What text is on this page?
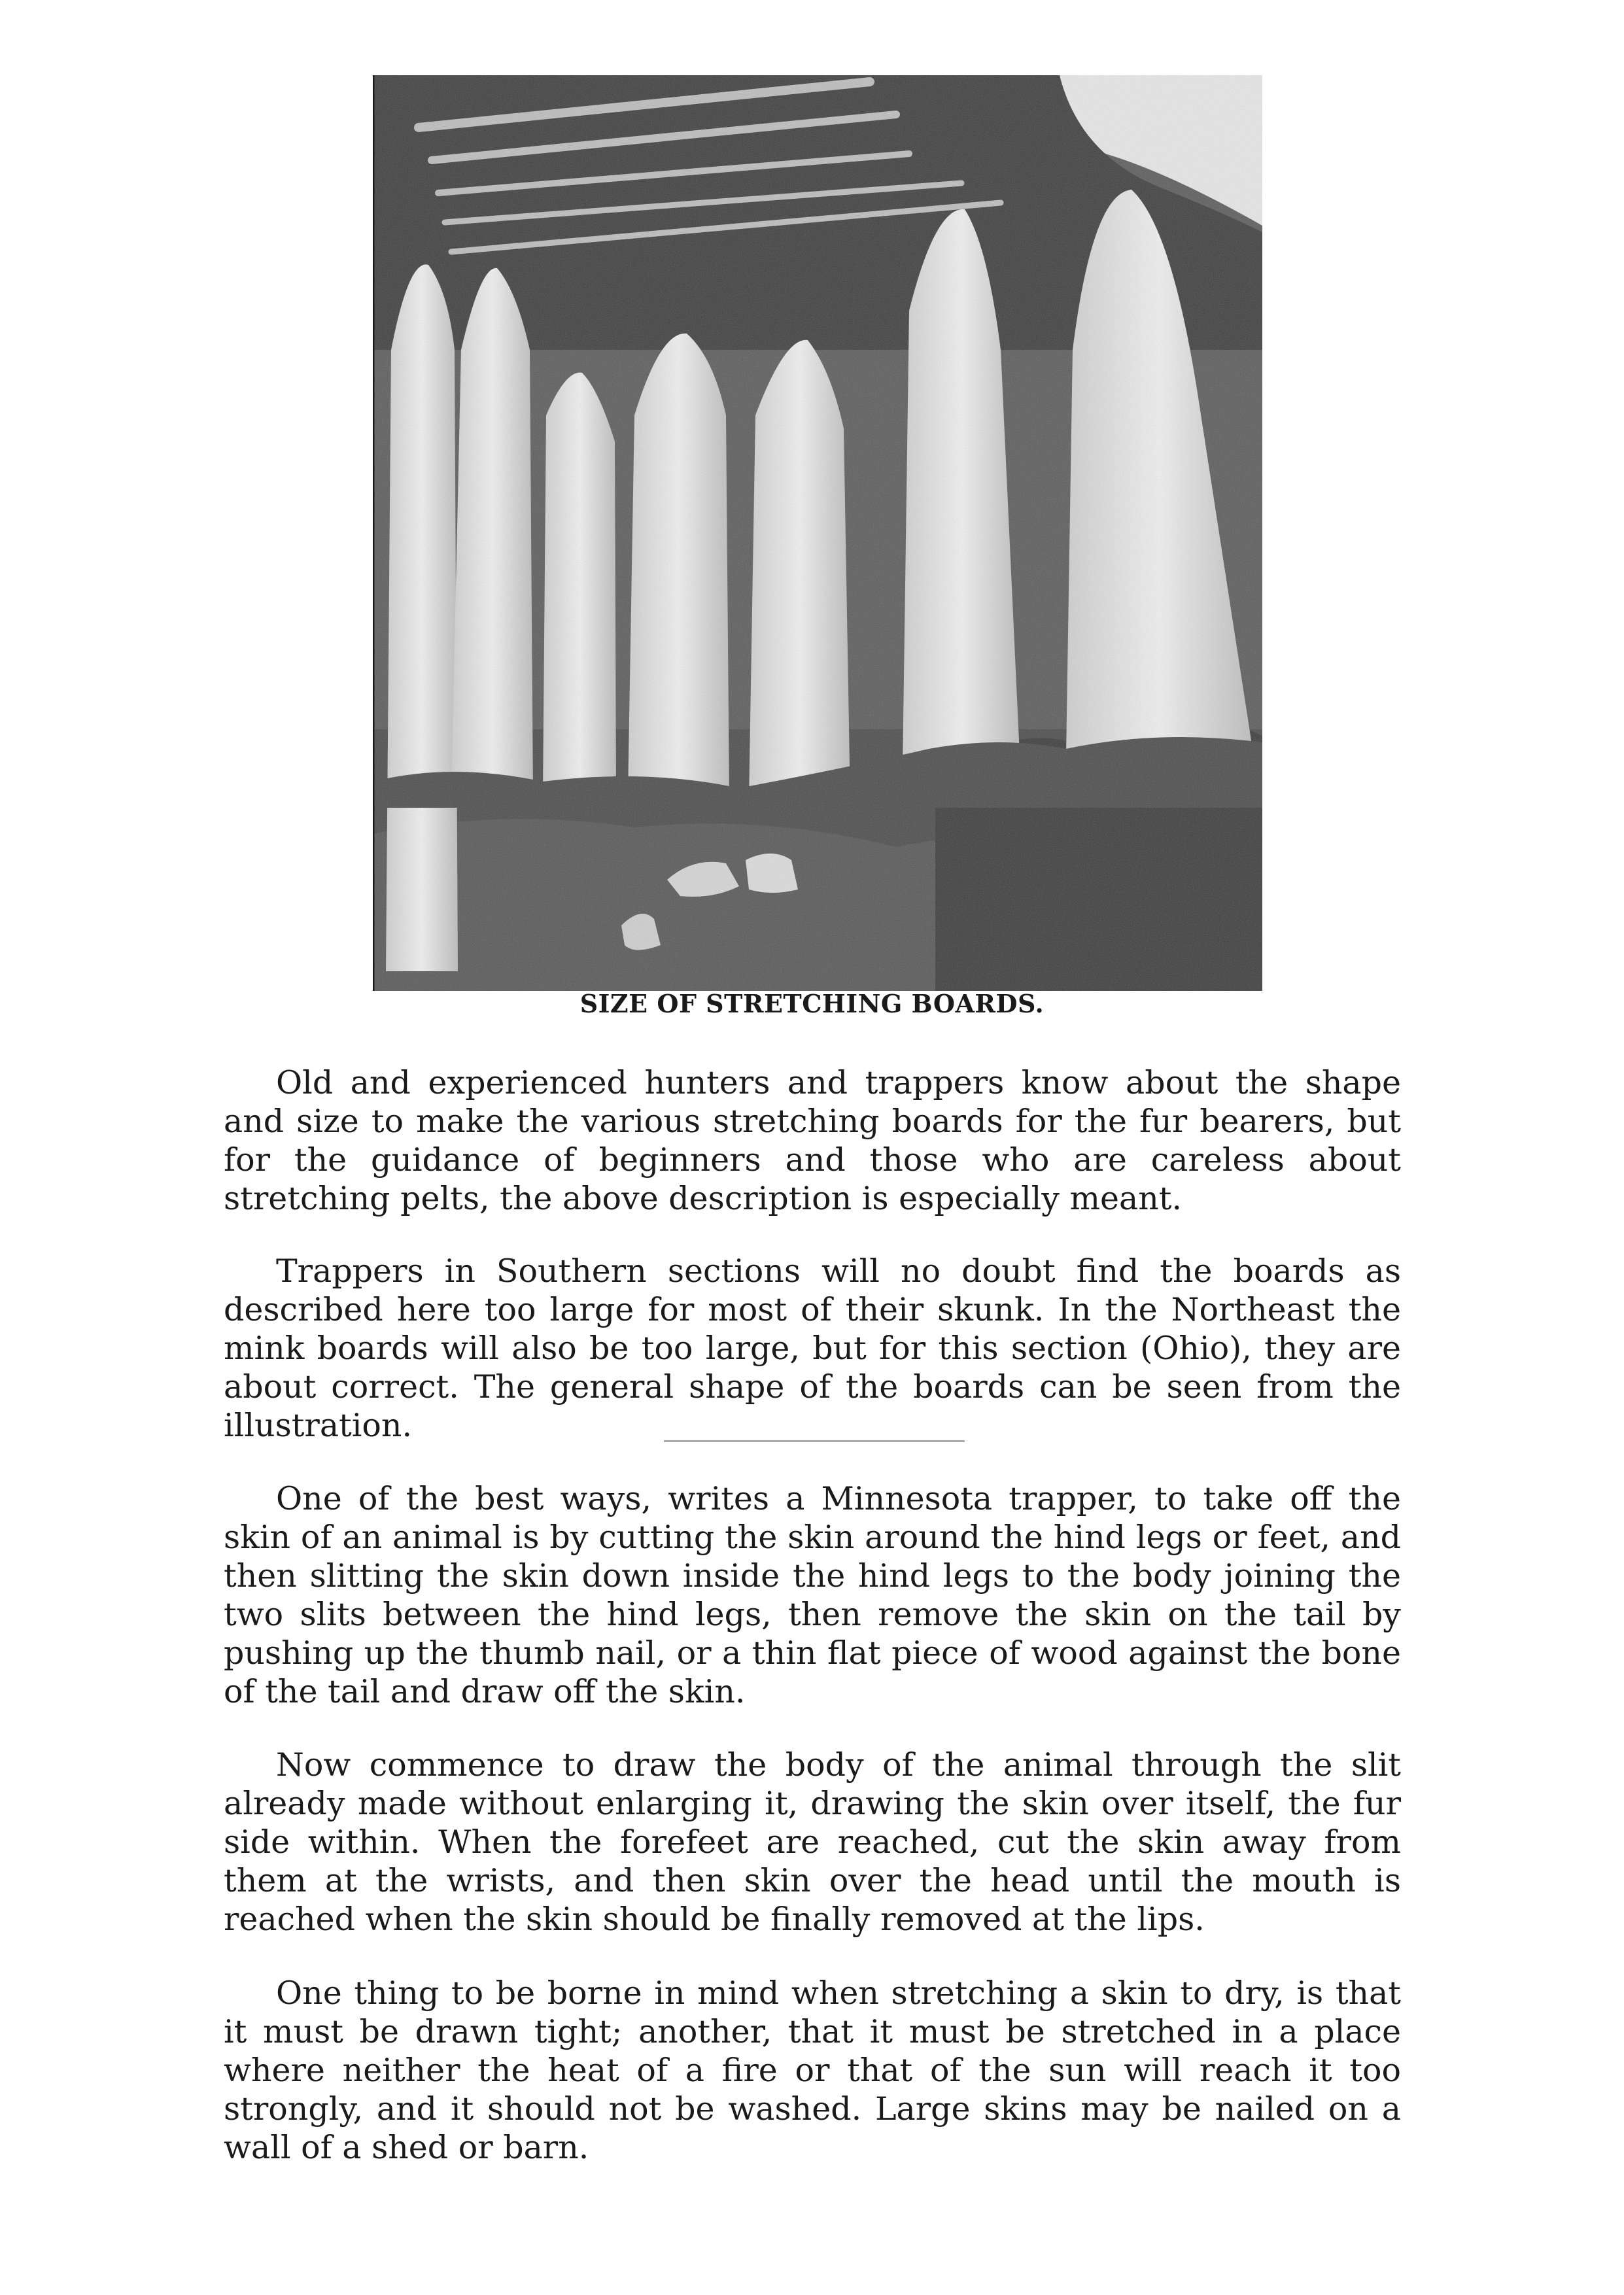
SIZE OF STRETCHING BOARDS.

Old and experienced hunters and trappers know about the shape and size to make the various stretching boards for the fur bearers, but for the guidance of beginners and those who are careless about stretching pelts, the above description is especially meant.

Trappers in Southern sections will no doubt find the boards as described here too large for most of their skunk. In the Northeast the mink boards will also be too large, but for this section (Ohio), they are about correct. The general shape of the boards can be seen from the illustration.

One of the best ways, writes a Minnesota trapper, to take off the skin of an animal is by cutting the skin around the hind legs or feet, and then slitting the skin down inside the hind legs to the body joining the two slits between the hind legs, then remove the skin on the tail by pushing up the thumb nail, or a thin flat piece of wood against the bone of the tail and draw off the skin.

Now commence to draw the body of the animal through the slit already made without enlarging it, drawing the skin over itself, the fur side within. When the forefeet are reached, cut the skin away from them at the wrists, and then skin over the head until the mouth is reached when the skin should be finally removed at the lips.

One thing to be borne in mind when stretching a skin to dry, is that it must be drawn tight; another, that it must be stretched in a place where neither the heat of a fire or that of the sun will reach it too strongly, and it should not be washed. Large skins may be nailed on a wall of a shed or barn.
